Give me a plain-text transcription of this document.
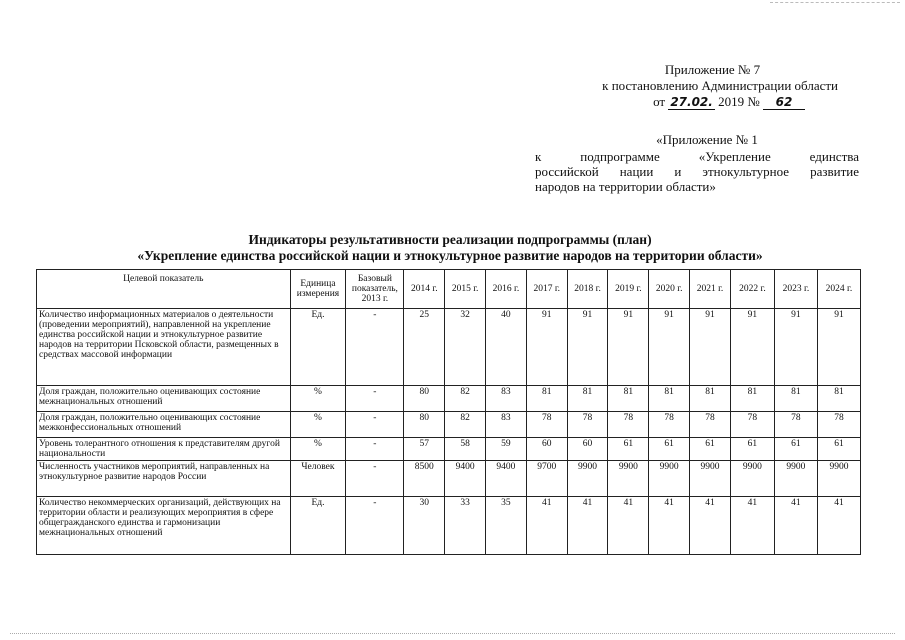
Приложение № 7
к постановлению Администрации области
от 27.02. 2019 № 62
«Приложение № 1
к подпрограмме «Укрепление единства
российской нации и этнокультурное развитие
народов на территории области»
Индикаторы результативности реализации подпрограммы (план)
«Укрепление единства российской нации и этнокультурное развитие народов на территории области»
Целевой показатель	Единица измерения	Базовый показатель, 2013 г.	2014 г.	2015 г.	2016 г.	2017 г.	2018 г.	2019 г.	2020 г.	2021 г.	2022 г.	2023 г.	2024 г.
Количество информационных материалов о деятельности (проведении мероприятий), направленной на укрепление единства российской нации и этнокультурное развитие народов на территории Псковской области, размещенных в средствах массовой информации	Ед.	-	25	32	40	91	91	91	91	91	91	91	91
Доля граждан, положительно оценивающих состояние межнациональных отношений	%	-	80	82	83	81	81	81	81	81	81	81	81
Доля граждан, положительно оценивающих состояние межконфессиональных отношений	%	-	80	82	83	78	78	78	78	78	78	78	78
Уровень толерантного отношения к представителям другой национальности	%	-	57	58	59	60	60	61	61	61	61	61	61
Численность участников мероприятий, направленных на этнокультурное развитие народов России	Человек	-	8500	9400	9400	9700	9900	9900	9900	9900	9900	9900	9900
Количество некоммерческих организаций, действующих на территории области и реализующих мероприятия в сфере общегражданского единства и гармонизации межнациональных отношений	Ед.	-	30	33	35	41	41	41	41	41	41	41	41
